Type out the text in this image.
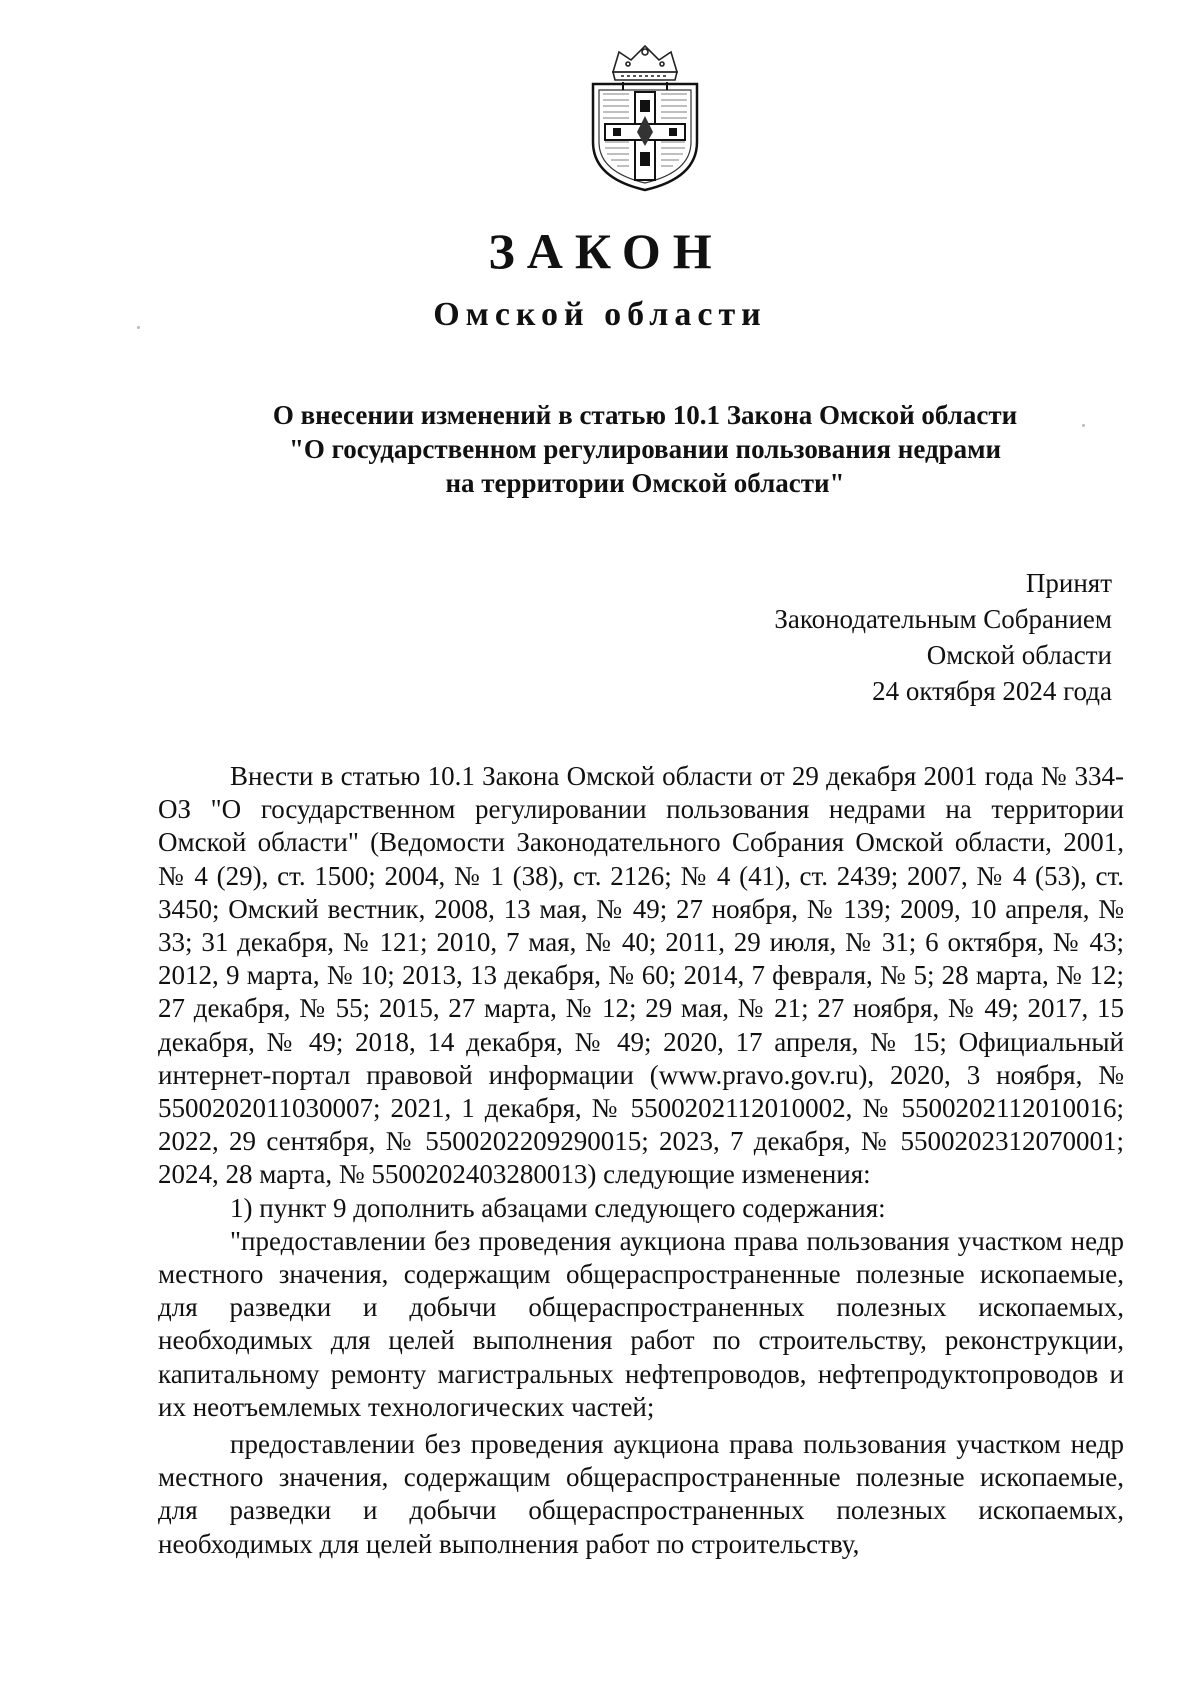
ЗАКОН
Омской области
О внесении изменений в статью 10.1 Закона Омской области
"О государственном регулировании пользования недрами
на территории Омской области"
Принят
Законодательным Собранием
Омской области
24 октября 2024 года

Внести в статью 10.1 Закона Омской области от 29 декабря 2001 года № 334-ОЗ "О государственном регулировании пользования недрами на территории Омской области" (Ведомости Законодательного Собрания Омской области, 2001, № 4 (29), ст. 1500; 2004, № 1 (38), ст. 2126; № 4 (41), ст. 2439; 2007, № 4 (53), ст. 3450; Омский вестник, 2008, 13 мая, № 49; 27 ноября, № 139; 2009, 10 апреля, № 33; 31 декабря, № 121; 2010, 7 мая, № 40; 2011, 29 июля, № 31; 6 октября, № 43; 2012, 9 марта, № 10; 2013, 13 декабря, № 60; 2014, 7 февраля, № 5; 28 марта, № 12; 27 декабря, № 55; 2015, 27 марта, № 12; 29 мая, № 21; 27 ноября, № 49; 2017, 15 декабря, № 49; 2018, 14 декабря, № 49; 2020, 17 апреля, № 15; Официальный интернет-портал правовой информации (www.pravo.gov.ru), 2020, 3 ноября, № 5500202011030007; 2021, 1 декабря, № 5500202112010002, № 5500202112010016; 2022, 29 сентября, № 5500202209290015; 2023, 7 декабря, № 5500202312070001; 2024, 28 марта, № 5500202403280013) следующие изменения:

1) пункт 9 дополнить абзацами следующего содержания:

"предоставлении без проведения аукциона права пользования участком недр местного значения, содержащим общераспространенные полезные ископаемые, для разведки и добычи общераспространенных полезных ископаемых, необходимых для целей выполнения работ по строительству, реконструкции, капитальному ремонту магистральных нефтепроводов, нефтепродуктопроводов и их неотъемлемых технологических частей;

предоставлении без проведения аукциона права пользования участком недр местного значения, содержащим общераспространенные полезные ископаемые, для разведки и добычи общераспространенных полезных ископаемых, необходимых для целей выполнения работ по строительству,
